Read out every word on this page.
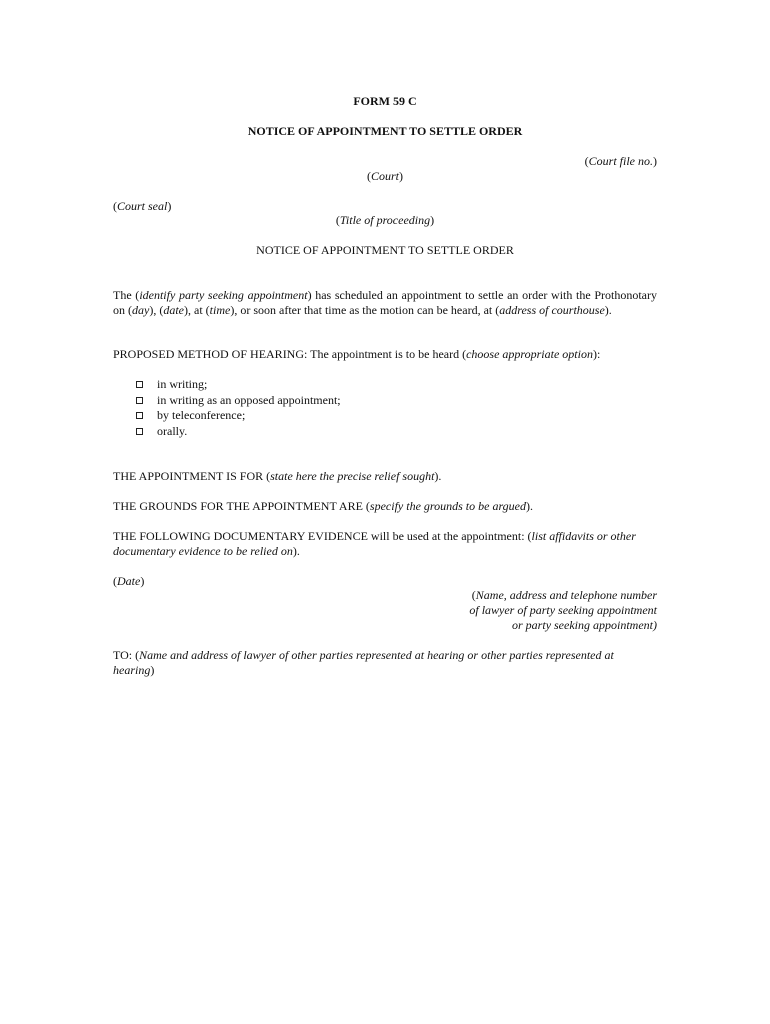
FORM 59 C
NOTICE OF APPOINTMENT TO SETTLE ORDER
(Court file no.)
(Court)
(Court seal)
(Title of proceeding)
NOTICE OF APPOINTMENT TO SETTLE ORDER
The (identify party seeking appointment) has scheduled an appointment to settle an order with the Prothonotary on (day), (date), at (time), or soon after that time as the motion can be heard, at (address of courthouse).
PROPOSED METHOD OF HEARING: The appointment is to be heard (choose appropriate option):
in writing;
in writing as an opposed appointment;
by teleconference;
orally.
THE APPOINTMENT IS FOR (state here the precise relief sought).
THE GROUNDS FOR THE APPOINTMENT ARE (specify the grounds to be argued).
THE FOLLOWING DOCUMENTARY EVIDENCE will be used at the appointment: (list affidavits or other documentary evidence to be relied on).
(Date)
(Name, address and telephone number
of lawyer of party seeking appointment
or party seeking appointment)
TO: (Name and address of lawyer of other parties represented at hearing or other parties represented at hearing)
